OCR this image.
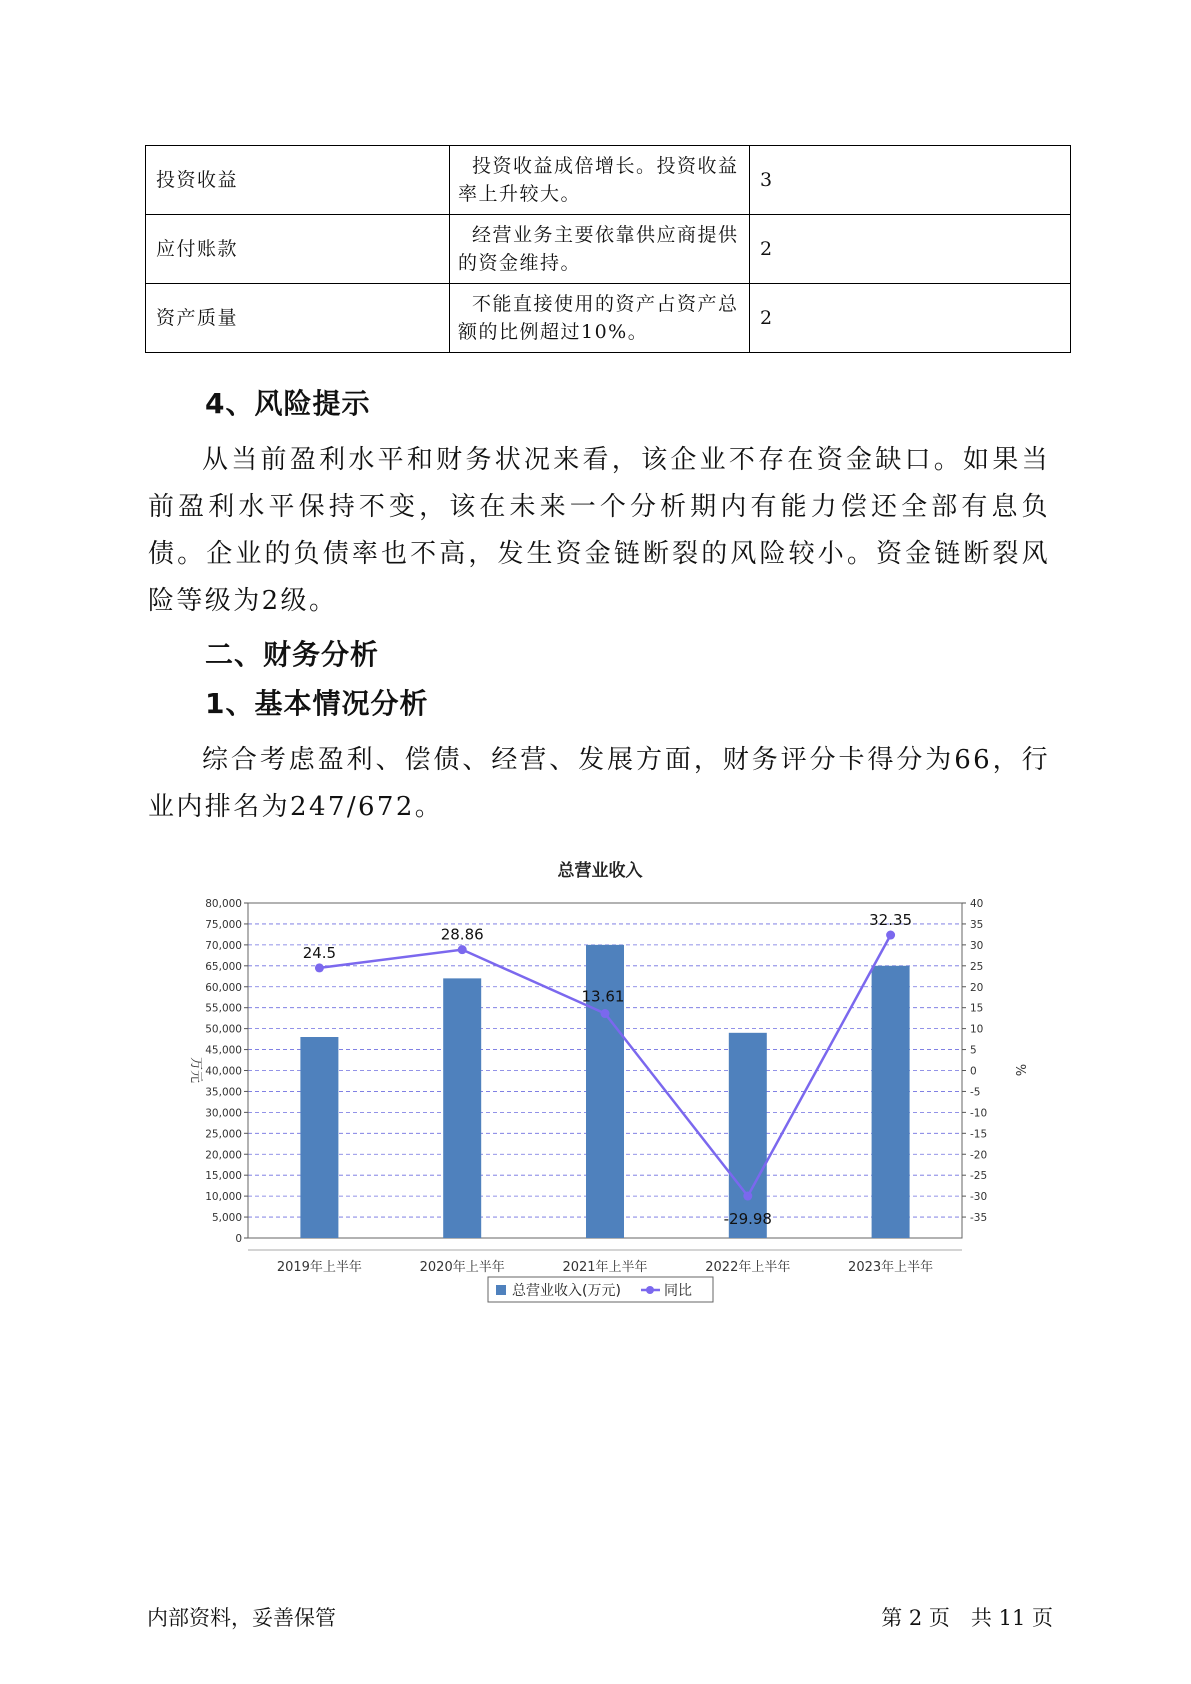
投资收益	投资收益成倍增长。投资收益率上升较大。	3
应付账款	经营业务主要依靠供应商提供的资金维持。	2
资产质量	不能直接使用的资产占资产总额的比例超过10%。	2
4、风险提示

从当前盈利水平和财务状况来看，该企业不存在资金缺口。如果当前盈利水平保持不变，该在未来一个分析期内有能力偿还全部有息负债。企业的负债率也不高，发生资金链断裂的风险较小。资金链断裂风险等级为2级。

二、财务分析
1、基本情况分析

综合考虑盈利、偿债、经营、发展方面，财务评分卡得分为66，行业内排名为247/672。

总营业收入
0
5,000
10,000
15,000
20,000
25,000
30,000
35,000
40,000
45,000
50,000
55,000
60,000
65,000
70,000
75,000
80,000
-35
-30
-25
-20
-15
-10
-5
0
5
10
15
20
25
30
35
40
24.5
28.86
13.61
-29.98
32.35
2019年上半年	2020年上半年	2021年上半年	2022年上半年	2023年上半年
万元	%
总营业收入(万元)	同比
内部资料，妥善保管	第 2 页　共 11 页
